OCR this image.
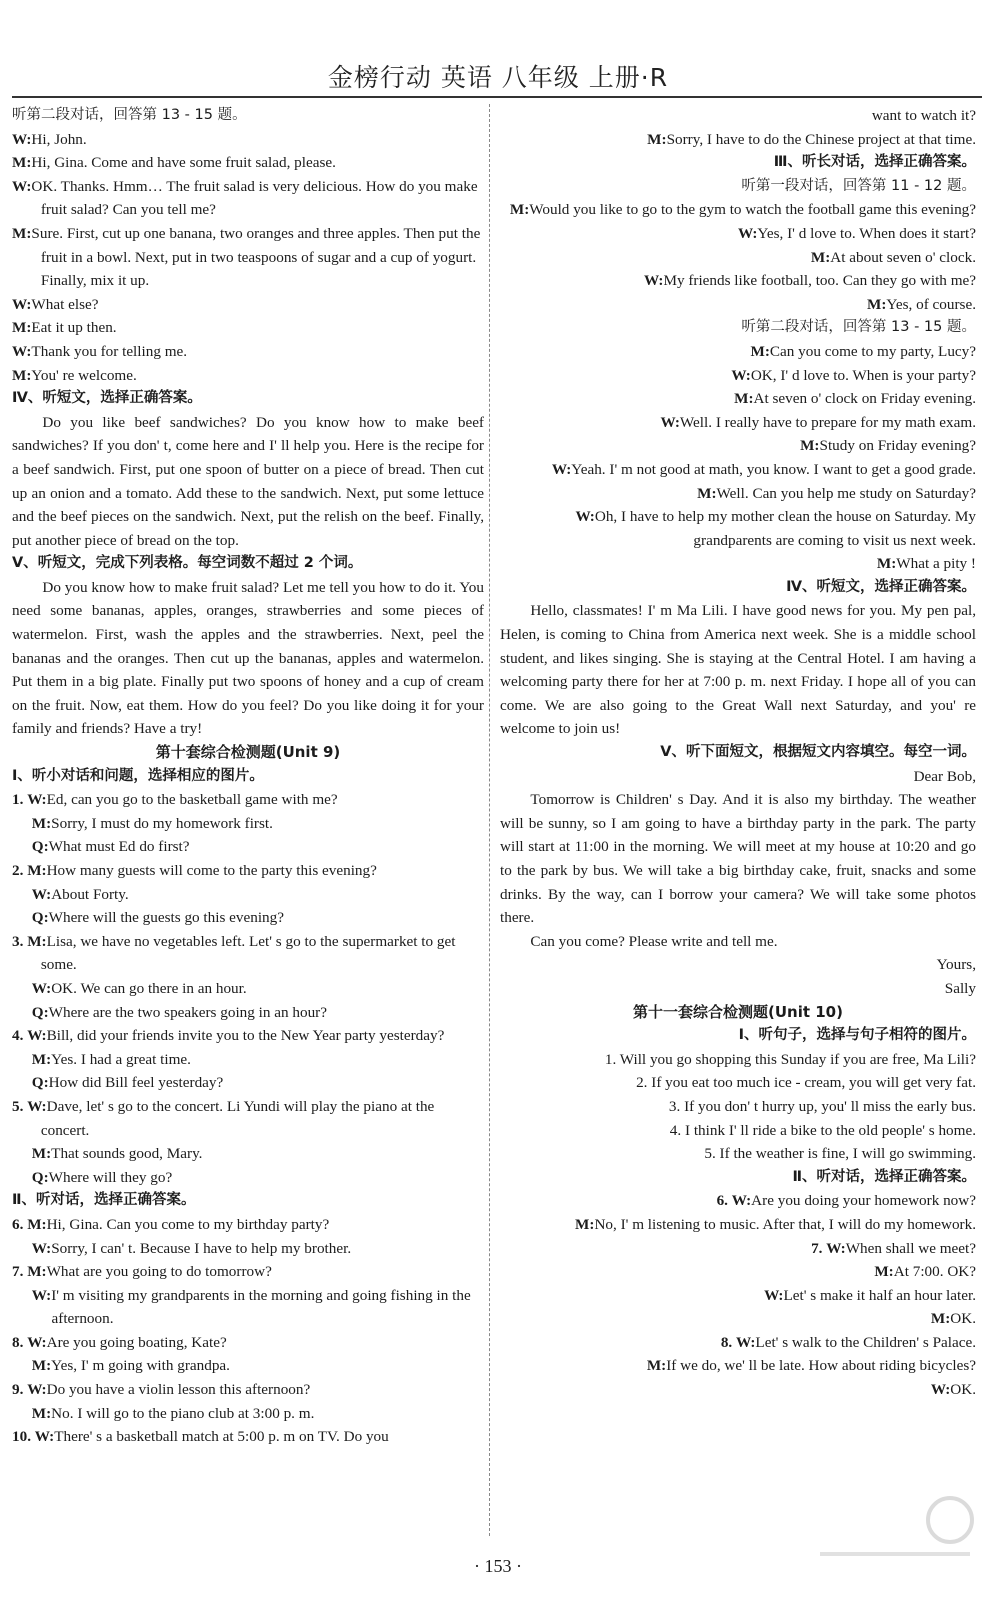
金榜行动 英语 八年级 上册·R
听第二段对话，回答第 13 - 15 题。
W:Hi, John.
M:Hi, Gina. Come and have some fruit salad, please.
W:OK. Thanks. Hmm… The fruit salad is very delicious. How do you make fruit salad? Can you tell me?
M:Sure. First, cut up one banana, two oranges and three apples. Then put the fruit in a bowl. Next, put in two teaspoons of sugar and a cup of yogurt. Finally, mix it up.
W:What else?
M:Eat it up then.
W:Thank you for telling me.
M:You' re welcome.
Ⅳ、听短文，选择正确答案。
Do you like beef sandwiches? Do you know how to make beef sandwiches? If you don' t, come here and I' ll help you. Here is the recipe for a beef sandwich. First, put one spoon of butter on a piece of bread. Then cut up an onion and a tomato. Add these to the sandwich. Next, put some lettuce and the beef pieces on the sandwich. Next, put the relish on the beef. Finally, put another piece of bread on the top.
Ⅴ、听短文，完成下列表格。每空词数不超过 2 个词。
Do you know how to make fruit salad? Let me tell you how to do it. You need some bananas, apples, oranges, strawberries and some pieces of watermelon. First, wash the apples and the strawberries. Next, peel the bananas and the oranges. Then cut up the bananas, apples and watermelon. Put them in a big plate. Finally put two spoons of honey and a cup of cream on the fruit. Now, eat them. How do you feel? Do you like doing it for your family and friends? Have a try!
第十套综合检测题(Unit 9)
Ⅰ、听小对话和问题，选择相应的图片。
1. W:Ed, can you go to the basketball game with me?
M:Sorry, I must do my homework first.
Q:What must Ed do first?
2. M:How many guests will come to the party this evening?
W:About Forty.
Q:Where will the guests go this evening?
3. M:Lisa, we have no vegetables left. Let' s go to the supermarket to get some.
W:OK. We can go there in an hour.
Q:Where are the two speakers going in an hour?
4. W:Bill, did your friends invite you to the New Year party yesterday?
M:Yes. I had a great time.
Q:How did Bill feel yesterday?
5. W:Dave, let' s go to the concert. Li Yundi will play the piano at the concert.
M:That sounds good, Mary.
Q:Where will they go?
Ⅱ、听对话，选择正确答案。
6. M:Hi, Gina. Can you come to my birthday party?
W:Sorry, I can' t. Because I have to help my brother.
7. M:What are you going to do tomorrow?
W:I' m visiting my grandparents in the morning and going fishing in the afternoon.
8. W:Are you going boating, Kate?
M:Yes, I' m going with grandpa.
9. W:Do you have a violin lesson this afternoon?
M:No. I will go to the piano club at 3:00 p. m.
10. W:There' s a basketball match at 5:00 p. m on TV. Do you
want to watch it?
M:Sorry, I have to do the Chinese project at that time.
Ⅲ、听长对话，选择正确答案。
听第一段对话，回答第 11 - 12 题。
M:Would you like to go to the gym to watch the football game this evening?
W:Yes, I' d love to. When does it start?
M:At about seven o' clock.
W:My friends like football, too. Can they go with me?
M:Yes, of course.
听第二段对话，回答第 13 - 15 题。
M:Can you come to my party, Lucy?
W:OK, I' d love to. When is your party?
M:At seven o' clock on Friday evening.
W:Well. I really have to prepare for my math exam.
M:Study on Friday evening?
W:Yeah. I' m not good at math, you know. I want to get a good grade.
M:Well. Can you help me study on Saturday?
W:Oh, I have to help my mother clean the house on Saturday. My grandparents are coming to visit us next week.
M:What a pity !
Ⅳ、听短文，选择正确答案。
Hello, classmates! I' m Ma Lili. I have good news for you. My pen pal, Helen, is coming to China from America next week. She is a middle school student, and likes singing. She is staying at the Central Hotel. I am having a welcoming party there for her at 7:00 p. m. next Friday. I hope all of you can come. We are also going to the Great Wall next Saturday, and you' re welcome to join us!
Ⅴ、听下面短文，根据短文内容填空。每空一词。
Dear Bob,
Tomorrow is Children' s Day. And it is also my birthday. The weather will be sunny, so I am going to have a birthday party in the park. The party will start at 11:00 in the morning. We will meet at my house at 10:20 and go to the park by bus. We will take a big birthday cake, fruit, snacks and some drinks. By the way, can I borrow your camera? We will take some photos there.
Can you come? Please write and tell me.
Yours,
Sally
第十一套综合检测题(Unit 10)
Ⅰ、听句子，选择与句子相符的图片。
1. Will you go shopping this Sunday if you are free, Ma Lili?
2. If you eat too much ice - cream, you will get very fat.
3. If you don' t hurry up, you' ll miss the early bus.
4. I think I' ll ride a bike to the old people' s home.
5. If the weather is fine, I will go swimming.
Ⅱ、听对话，选择正确答案。
6. W:Are you doing your homework now?
M:No, I' m listening to music. After that, I will do my homework.
7. W:When shall we meet?
M:At 7:00. OK?
W:Let' s make it half an hour later.
M:OK.
8. W:Let' s walk to the Children' s Palace.
M:If we do, we' ll be late. How about riding bicycles?
W:OK.
· 153 ·
